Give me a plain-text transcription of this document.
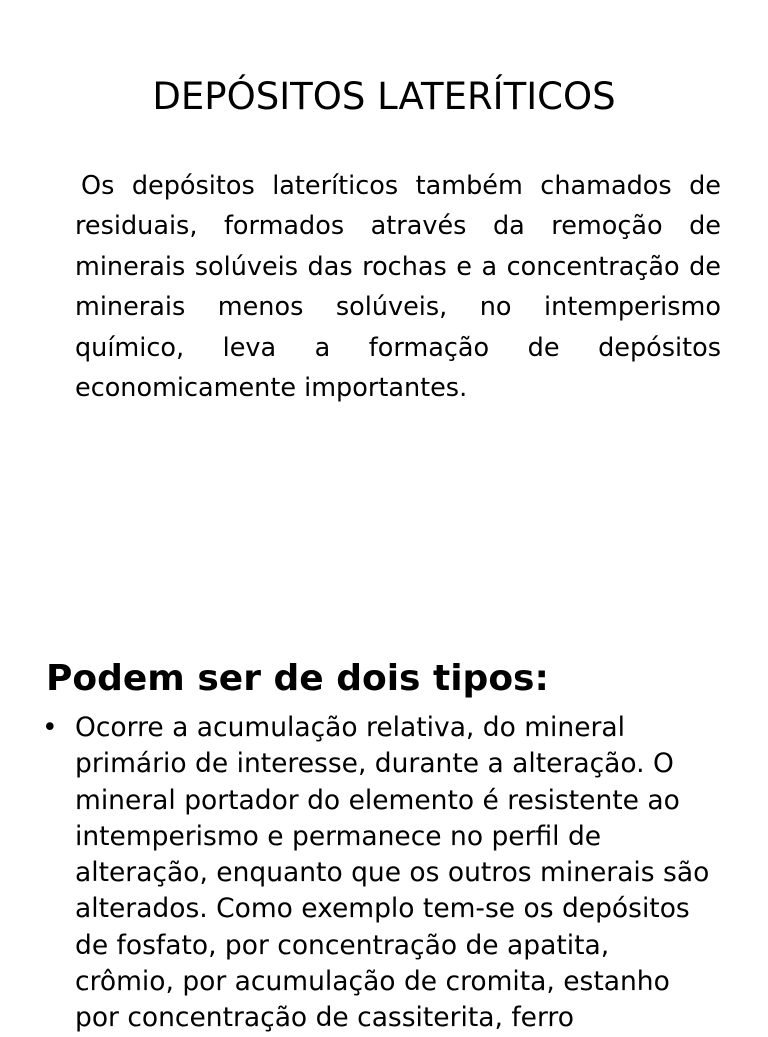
DEPÓSITOS LATERÍTICOS

Os depósitos lateríticos também chamados de residuais, formados através da remoção de minerais solúveis das rochas e a concentração de minerais menos solúveis, no intemperismo químico, leva a formação de depósitos economicamente importantes.

Podem ser de dois tipos:
• Ocorre a acumulação relativa, do mineral primário de interesse, durante a alteração. O mineral portador do elemento é resistente ao intemperismo e permanece no perfil de alteração, enquanto que os outros minerais são alterados. Como exemplo tem-se os depósitos de fosfato, por concentração de apatita, crômio, por acumulação de cromita, estanho por concentração de cassiterita, ferro
